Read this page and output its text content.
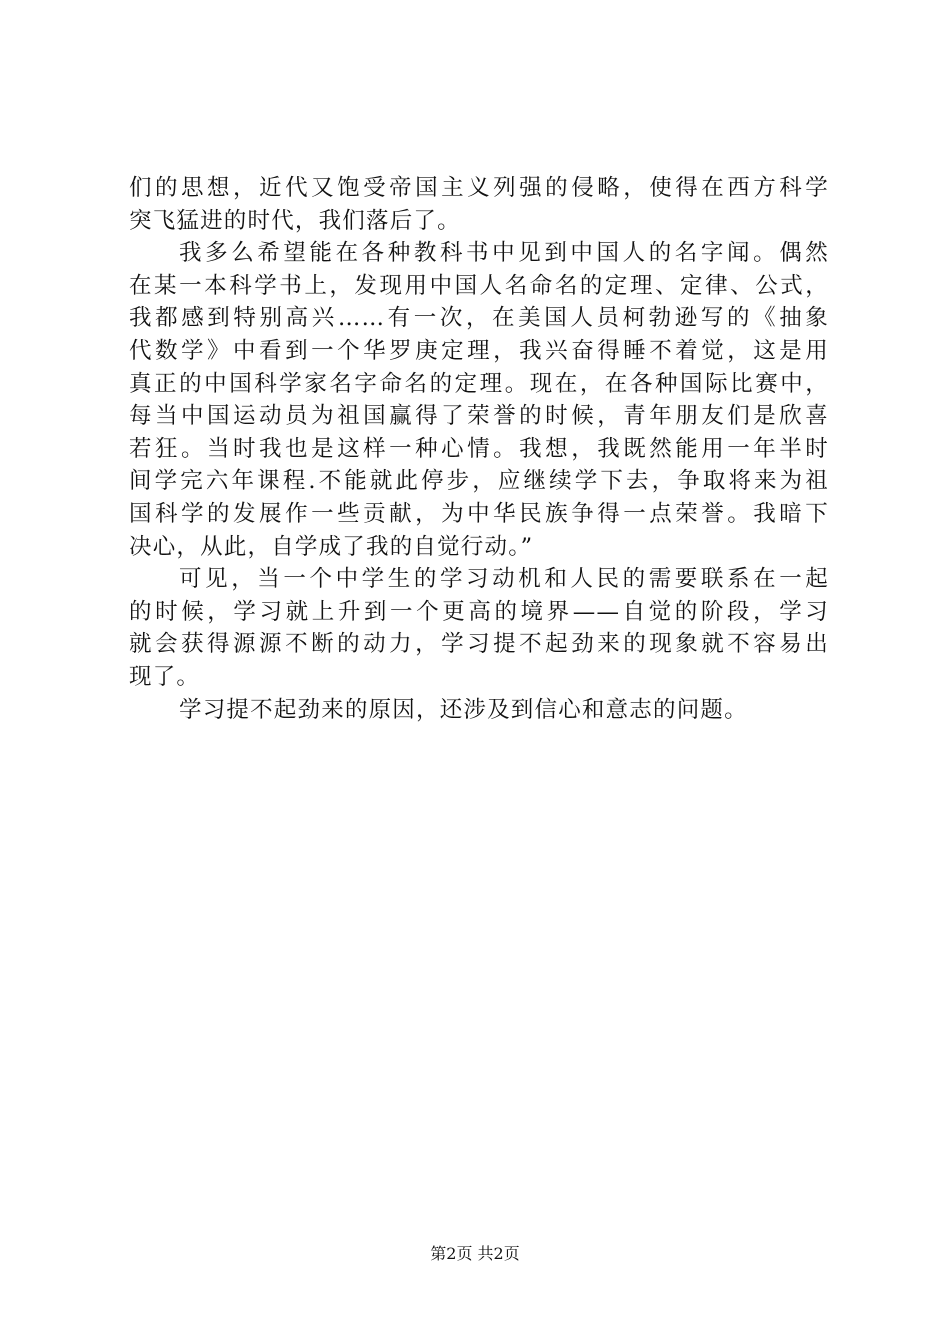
们的思想，近代又饱受帝国主义列强的侵略，使得在西方科学
突飞猛进的时代，我们落后了。
我多么希望能在各种教科书中见到中国人的名字闻。偶然
在某一本科学书上，发现用中国人名命名的定理、定律、公式，
我都感到特别高兴……有一次，在美国人员柯勃逊写的《抽象
代数学》中看到一个华罗庚定理，我兴奋得睡不着觉，这是用
真正的中国科学家名字命名的定理。现在，在各种国际比赛中，
每当中国运动员为祖国赢得了荣誉的时候，青年朋友们是欣喜
若狂。当时我也是这样一种心情。我想，我既然能用一年半时
间学完六年课程.不能就此停步，应继续学下去，争取将来为祖
国科学的发展作一些贡献，为中华民族争得一点荣誉。我暗下
决心，从此，自学成了我的自觉行动。”
可见，当一个中学生的学习动机和人民的需要联系在一起
的时候，学习就上升到一个更高的境界——自觉的阶段，学习
就会获得源源不断的动力，学习提不起劲来的现象就不容易出
现了。
学习提不起劲来的原因，还涉及到信心和意志的问题。
第2页 共2页
